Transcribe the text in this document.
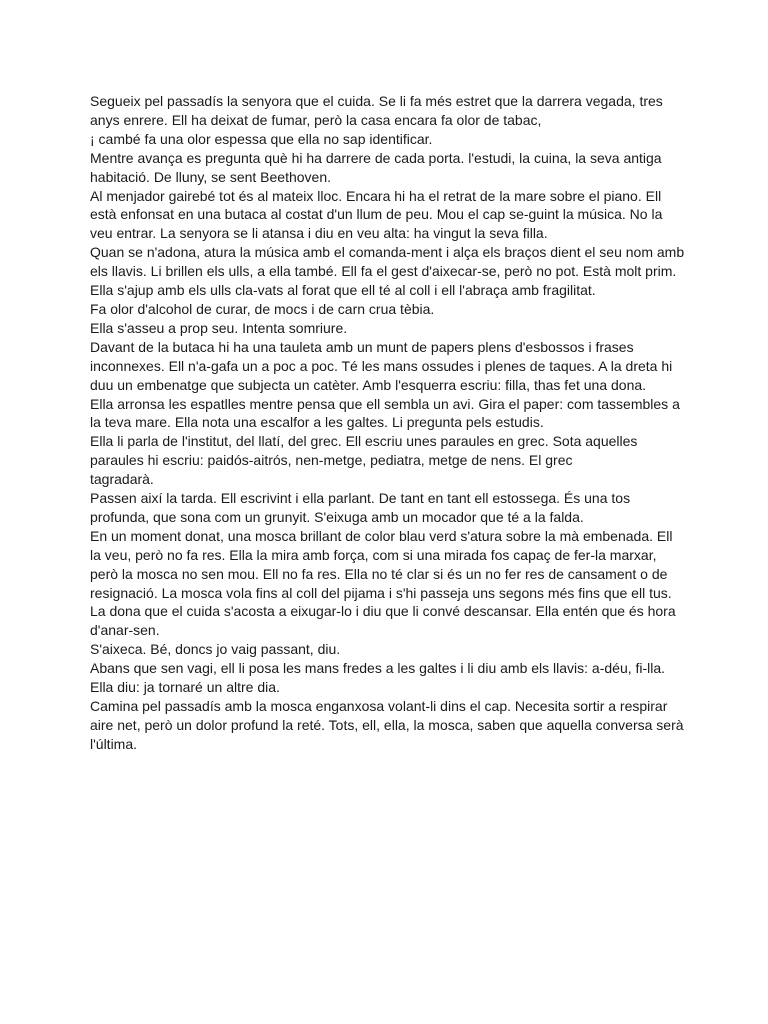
Segueix pel passadís la senyora que el cuida. Se li fa més estret que la darrera vegada, tres
anys enrere. Ell ha deixat de fumar, però la casa encara fa olor de tabac,
¡ cambé fa una olor espessa que ella no sap identificar.

Mentre avança es pregunta què hi ha darrere de cada porta. l'estudi, la cuina, la seva antiga
habitació. De lluny, se sent Beethoven.

Al menjador gairebé tot és al mateix lloc. Encara hi ha el retrat de la mare sobre el piano. Ell
està enfonsat en una butaca al costat d'un llum de peu. Mou el cap se-guint la música. No la
veu entrar. La senyora se li atansa i diu en veu alta: ha vingut la seva filla.

Quan se n'adona, atura la música amb el comanda-ment i alça els braços dient el seu nom amb
els llavis. Li brillen els ulls, a ella també. Ell fa el gest d'aixecar-se, però no pot. Està molt prim.

Ella s'ajup amb els ulls cla-vats al forat que ell té al coll i ell l'abraça amb fragilitat.

Fa olor d'alcohol de curar, de mocs i de carn crua tèbia.

Ella s'asseu a prop seu. Intenta somriure.

Davant de la butaca hi ha una tauleta amb un munt de papers plens d'esbossos i frases
inconnexes. Ell n'a-gafa un a poc a poc. Té les mans ossudes i plenes de taques. A la dreta hi
duu un embenatge que subjecta un catèter. Amb l'esquerra escriu: filla, thas fet una dona.

Ella arronsa les espatlles mentre pensa que ell sembla un avi. Gira el paper: com tassembles a
la teva mare. Ella nota una escalfor a les galtes. Li pregunta pels estudis.

Ella li parla de l'institut, del llatí, del grec. Ell escriu unes paraules en grec. Sota aquelles
paraules hi escriu: paidós-aitrós, nen-metge, pediatra, metge de nens. El grec
tagradarà.

Passen així la tarda. Ell escrivint i ella parlant. De tant en tant ell estossega. És una tos
profunda, que sona com un grunyit. S'eixuga amb un mocador que té a la falda.

En un moment donat, una mosca brillant de color blau verd s'atura sobre la mà embenada. Ell
la veu, però no fa res. Ella la mira amb força, com si una mirada fos capaç de fer-la marxar,
però la mosca no sen mou. Ell no fa res. Ella no té clar si és un no fer res de cansament o de
resignació. La mosca vola fins al coll del pijama i s'hi passeja uns segons més fins que ell tus.

La dona que el cuida s'acosta a eixugar-lo i diu que li convé descansar. Ella entén que és hora
d'anar-sen.

S'aixeca. Bé, doncs jo vaig passant, diu.

Abans que sen vagi, ell li posa les mans fredes a les galtes i li diu amb els llavis: a-déu, fi-lla.

Ella diu: ja tornaré un altre dia.

Camina pel passadís amb la mosca enganxosa volant-li dins el cap. Necesita sortir a respirar
aire net, però un dolor profund la reté. Tots, ell, ella, la mosca, saben que aquella conversa serà
l'última.
